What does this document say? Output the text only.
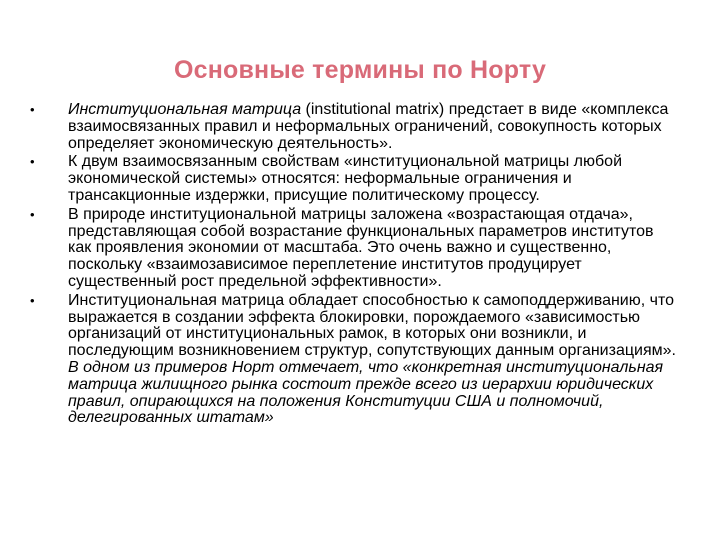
Основные термины по Норту
• Институциональная матрица (institutional matrix) предстает в виде «комплекса взаимосвязанных правил и неформальных ограничений, совокупность которых определяет экономическую деятельность».
• К двум взаимосвязанным свойствам «институциональной матрицы любой экономической системы» относятся: неформальные ограничения и трансакционные издержки, присущие политическому процессу.
• В природе институциональной матрицы заложена «возрастающая отдача», представляющая собой возрастание функциональных параметров институтов как проявления экономии от масштаба. Это очень важно и существенно, поскольку «взаимозависимое переплетение институтов продуцирует существенный рост предельной эффективности».
• Институциональная матрица обладает способностью к самоподдерживанию, что выражается в создании эффекта блокировки, порождаемого «зависимостью организаций от институциональных рамок, в которых они возникли, и последующим возникновением структур, сопутствующих данным организациям». В одном из примеров Норт отмечает, что «конкретная институциональная матрица жилищного рынка состоит прежде всего из иерархии юридических правил, опирающихся на положения Конституции США и полномочий, делегированных штатам»
